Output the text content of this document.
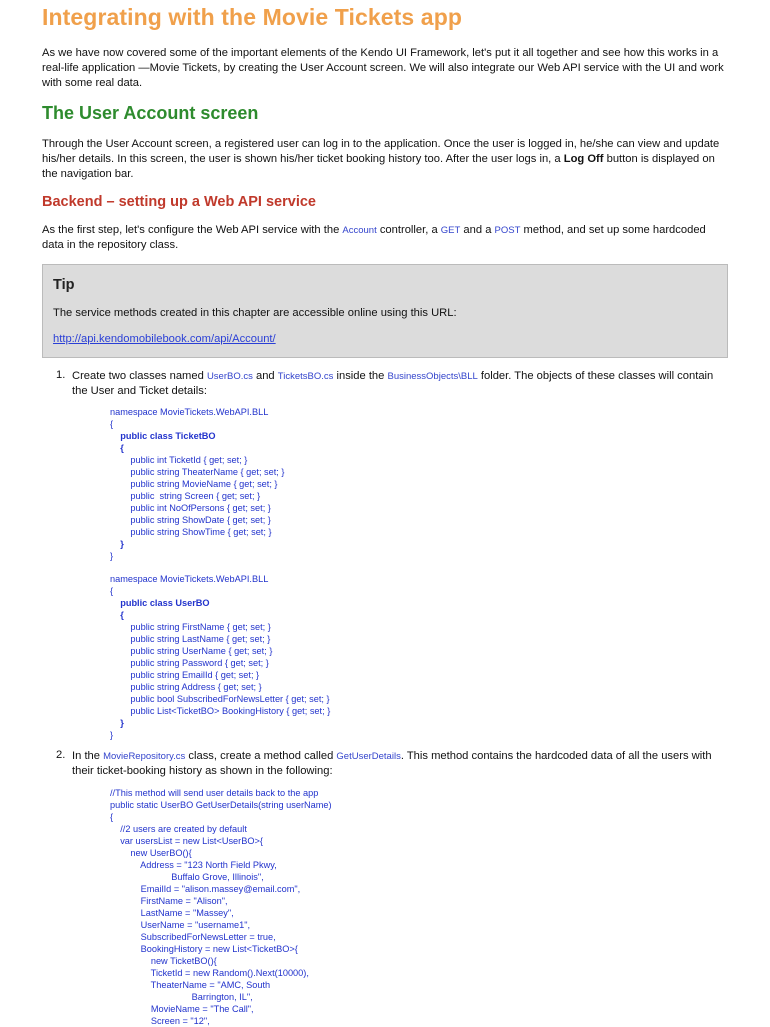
Integrating with the Movie Tickets app

As we have now covered some of the important elements of the Kendo UI Framework, let's put it all together and see how this works in a real-life application —Movie Tickets, by creating the User Account screen. We will also integrate our Web API service with the UI and work with some real data.

The User Account screen

Through the User Account screen, a registered user can log in to the application. Once the user is logged in, he/she can view and update his/her details. In this screen, the user is shown his/her ticket booking history too. After the user logs in, a Log Off button is displayed on the navigation bar.

Backend – setting up a Web API service

As the first step, let's configure the Web API service with the Account controller, a GET and a POST method, and set up some hardcoded data in the repository class.

Tip

The service methods created in this chapter are accessible online using this URL:

http://api.kendomobilebook.com/api/Account/

1. Create two classes named UserBO.cs and TicketsBO.cs inside the BusinessObjects\BLL folder. The objects of these classes will contain the User and Ticket details:

namespace MovieTickets.WebAPI.BLL
{
public class TicketBO
{
public int TicketId { get; set; }
public string TheaterName { get; set; }
public string MovieName { get; set; }
public  string Screen { get; set; }
public int NoOfPersons { get; set; }
public string ShowDate { get; set; }
public string ShowTime { get; set; }
}
}
namespace MovieTickets.WebAPI.BLL
{
public class UserBO
{
public string FirstName { get; set; }
public string LastName { get; set; }
public string UserName { get; set; }
public string Password { get; set; }
public string EmailId { get; set; }
public string Address { get; set; }
public bool SubscribedForNewsLetter { get; set; }
public List<TicketBO> BookingHistory { get; set; }
}
}
2. In the MovieRepository.cs class, create a method called GetUserDetails. This method contains the hardcoded data of all the users with their ticket-booking history as shown in the following:

//This method will send user details back to the app
public static UserBO GetUserDetails(string userName)
{
//2 users are created by default
var usersList = new List<UserBO>{
new UserBO(){
Address = "123 North Field Pkwy,
Buffalo Grove, Illinois",
EmailId = "alison.massey@email.com",
FirstName = "Alison",
LastName = "Massey",
UserName = "username1",
SubscribedForNewsLetter = true,
BookingHistory = new List<TicketBO>{
new TicketBO(){
TicketId = new Random().Next(10000),
TheaterName = "AMC, South
Barrington, IL",
MovieName = "The Call",
Screen = "12",
